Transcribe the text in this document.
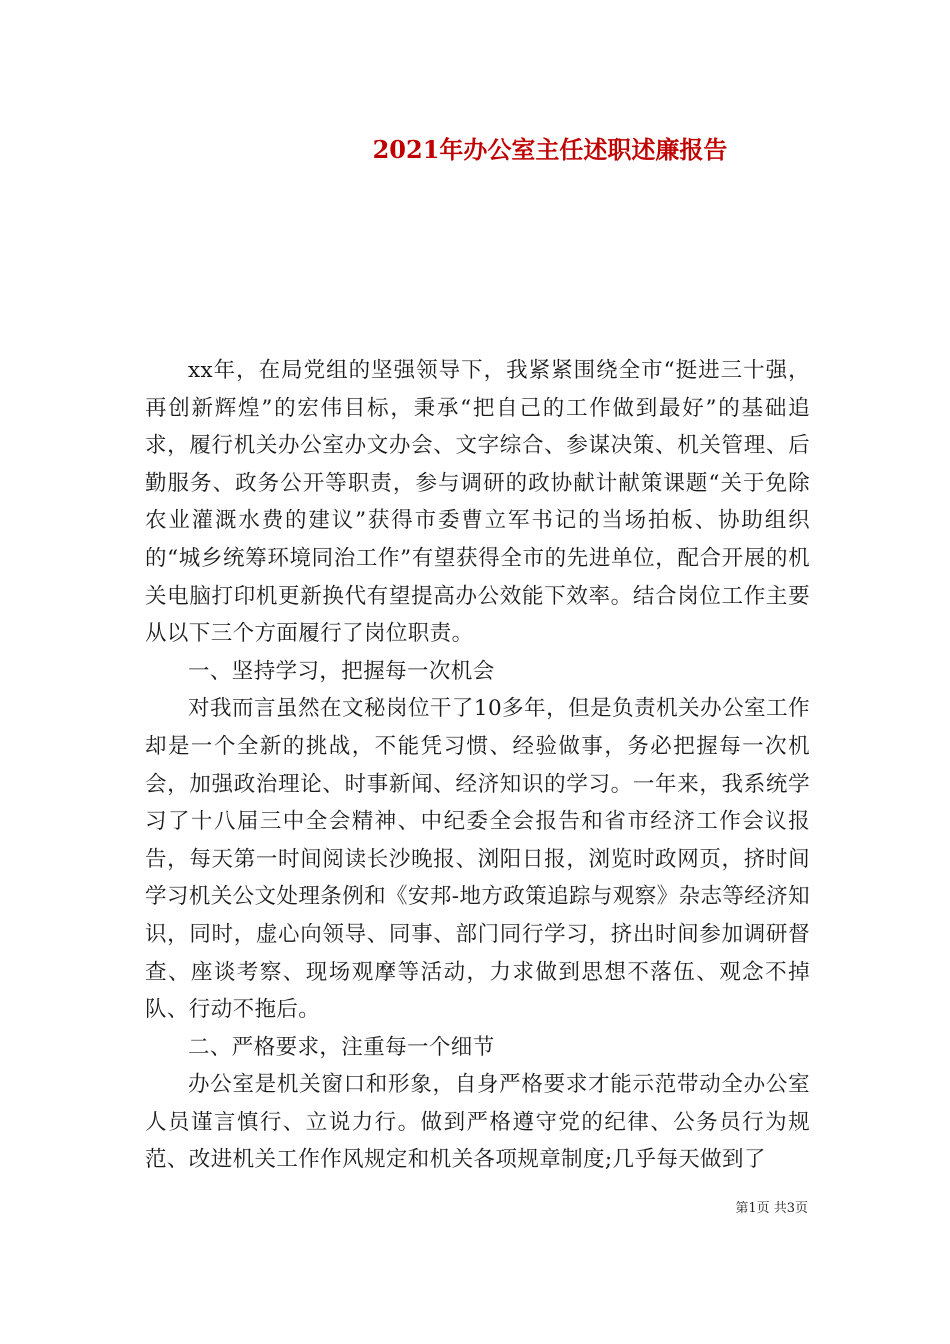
2021年办公室主任述职述廉报告

xx年，在局党组的坚强领导下，我紧紧围绕全市“挺进三十强，再创新辉煌”的宏伟目标，秉承“把自己的工作做到最好”的基础追求，履行机关办公室办文办会、文字综合、参谋决策、机关管理、后勤服务、政务公开等职责，参与调研的政协献计献策课题“关于免除农业灌溉水费的建议”获得市委曹立军书记的当场拍板、协助组织的“城乡统筹环境同治工作”有望获得全市的先进单位，配合开展的机关电脑打印机更新换代有望提高办公效能下效率。结合岗位工作主要从以下三个方面履行了岗位职责。

一、坚持学习，把握每一次机会

对我而言虽然在文秘岗位干了10多年，但是负责机关办公室工作却是一个全新的挑战，不能凭习惯、经验做事，务必把握每一次机会，加强政治理论、时事新闻、经济知识的学习。一年来，我系统学习了十八届三中全会精神、中纪委全会报告和省市经济工作会议报告，每天第一时间阅读长沙晚报、浏阳日报，浏览时政网页，挤时间学习机关公文处理条例和《安邦-地方政策追踪与观察》杂志等经济知识，同时，虚心向领导、同事、部门同行学习，挤出时间参加调研督查、座谈考察、现场观摩等活动，力求做到思想不落伍、观念不掉队、行动不拖后。

二、严格要求，注重每一个细节

办公室是机关窗口和形象，自身严格要求才能示范带动全办公室人员谨言慎行、立说力行。做到严格遵守党的纪律、公务员行为规范、改进机关工作作风规定和机关各项规章制度;几乎每天做到了

第1页 共3页
